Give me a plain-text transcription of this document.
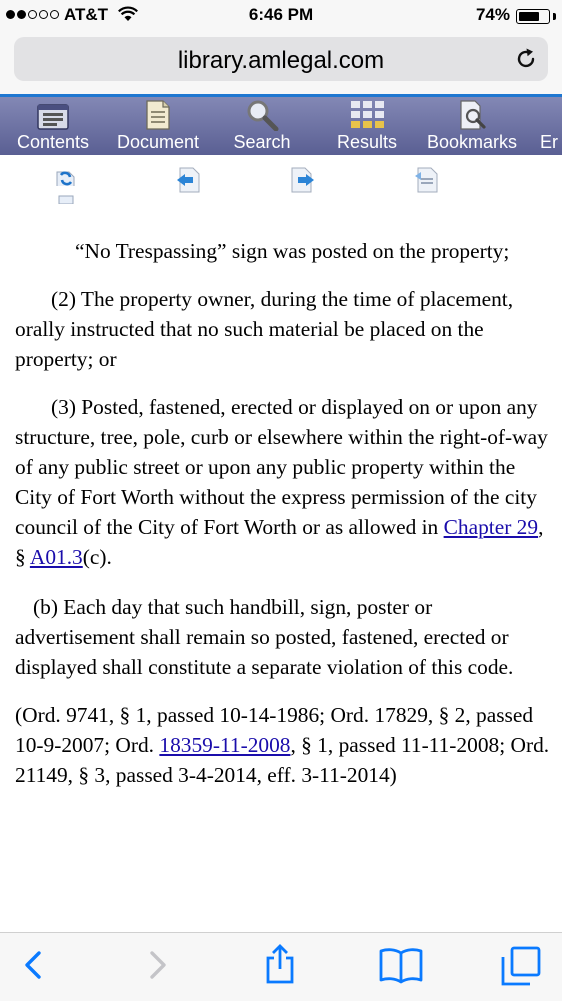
AT&T	6:46 PM	74%
library.amlegal.com
Contents	Document	Search	Results	Bookmarks	Er

“No Trespassing” sign was posted on the property;

(2) The property owner, during the time of placement, orally instructed that no such material be placed on the property; or

(3) Posted, fastened, erected or displayed on or upon any structure, tree, pole, curb or elsewhere within the right-of-way of any public street or upon any public property within the City of Fort Worth without the express permission of the city council of the City of Fort Worth or as allowed in Chapter 29, § A01.3(c).

(b) Each day that such handbill, sign, poster or advertisement shall remain so posted, fastened, erected or displayed shall constitute a separate violation of this code.

(Ord. 9741, § 1, passed 10-14-1986; Ord. 17829, § 2, passed 10-9-2007; Ord. 18359-11-2008, § 1, passed 11-11-2008; Ord. 21149, § 3, passed 3-4-2014, eff. 3-11-2014)
